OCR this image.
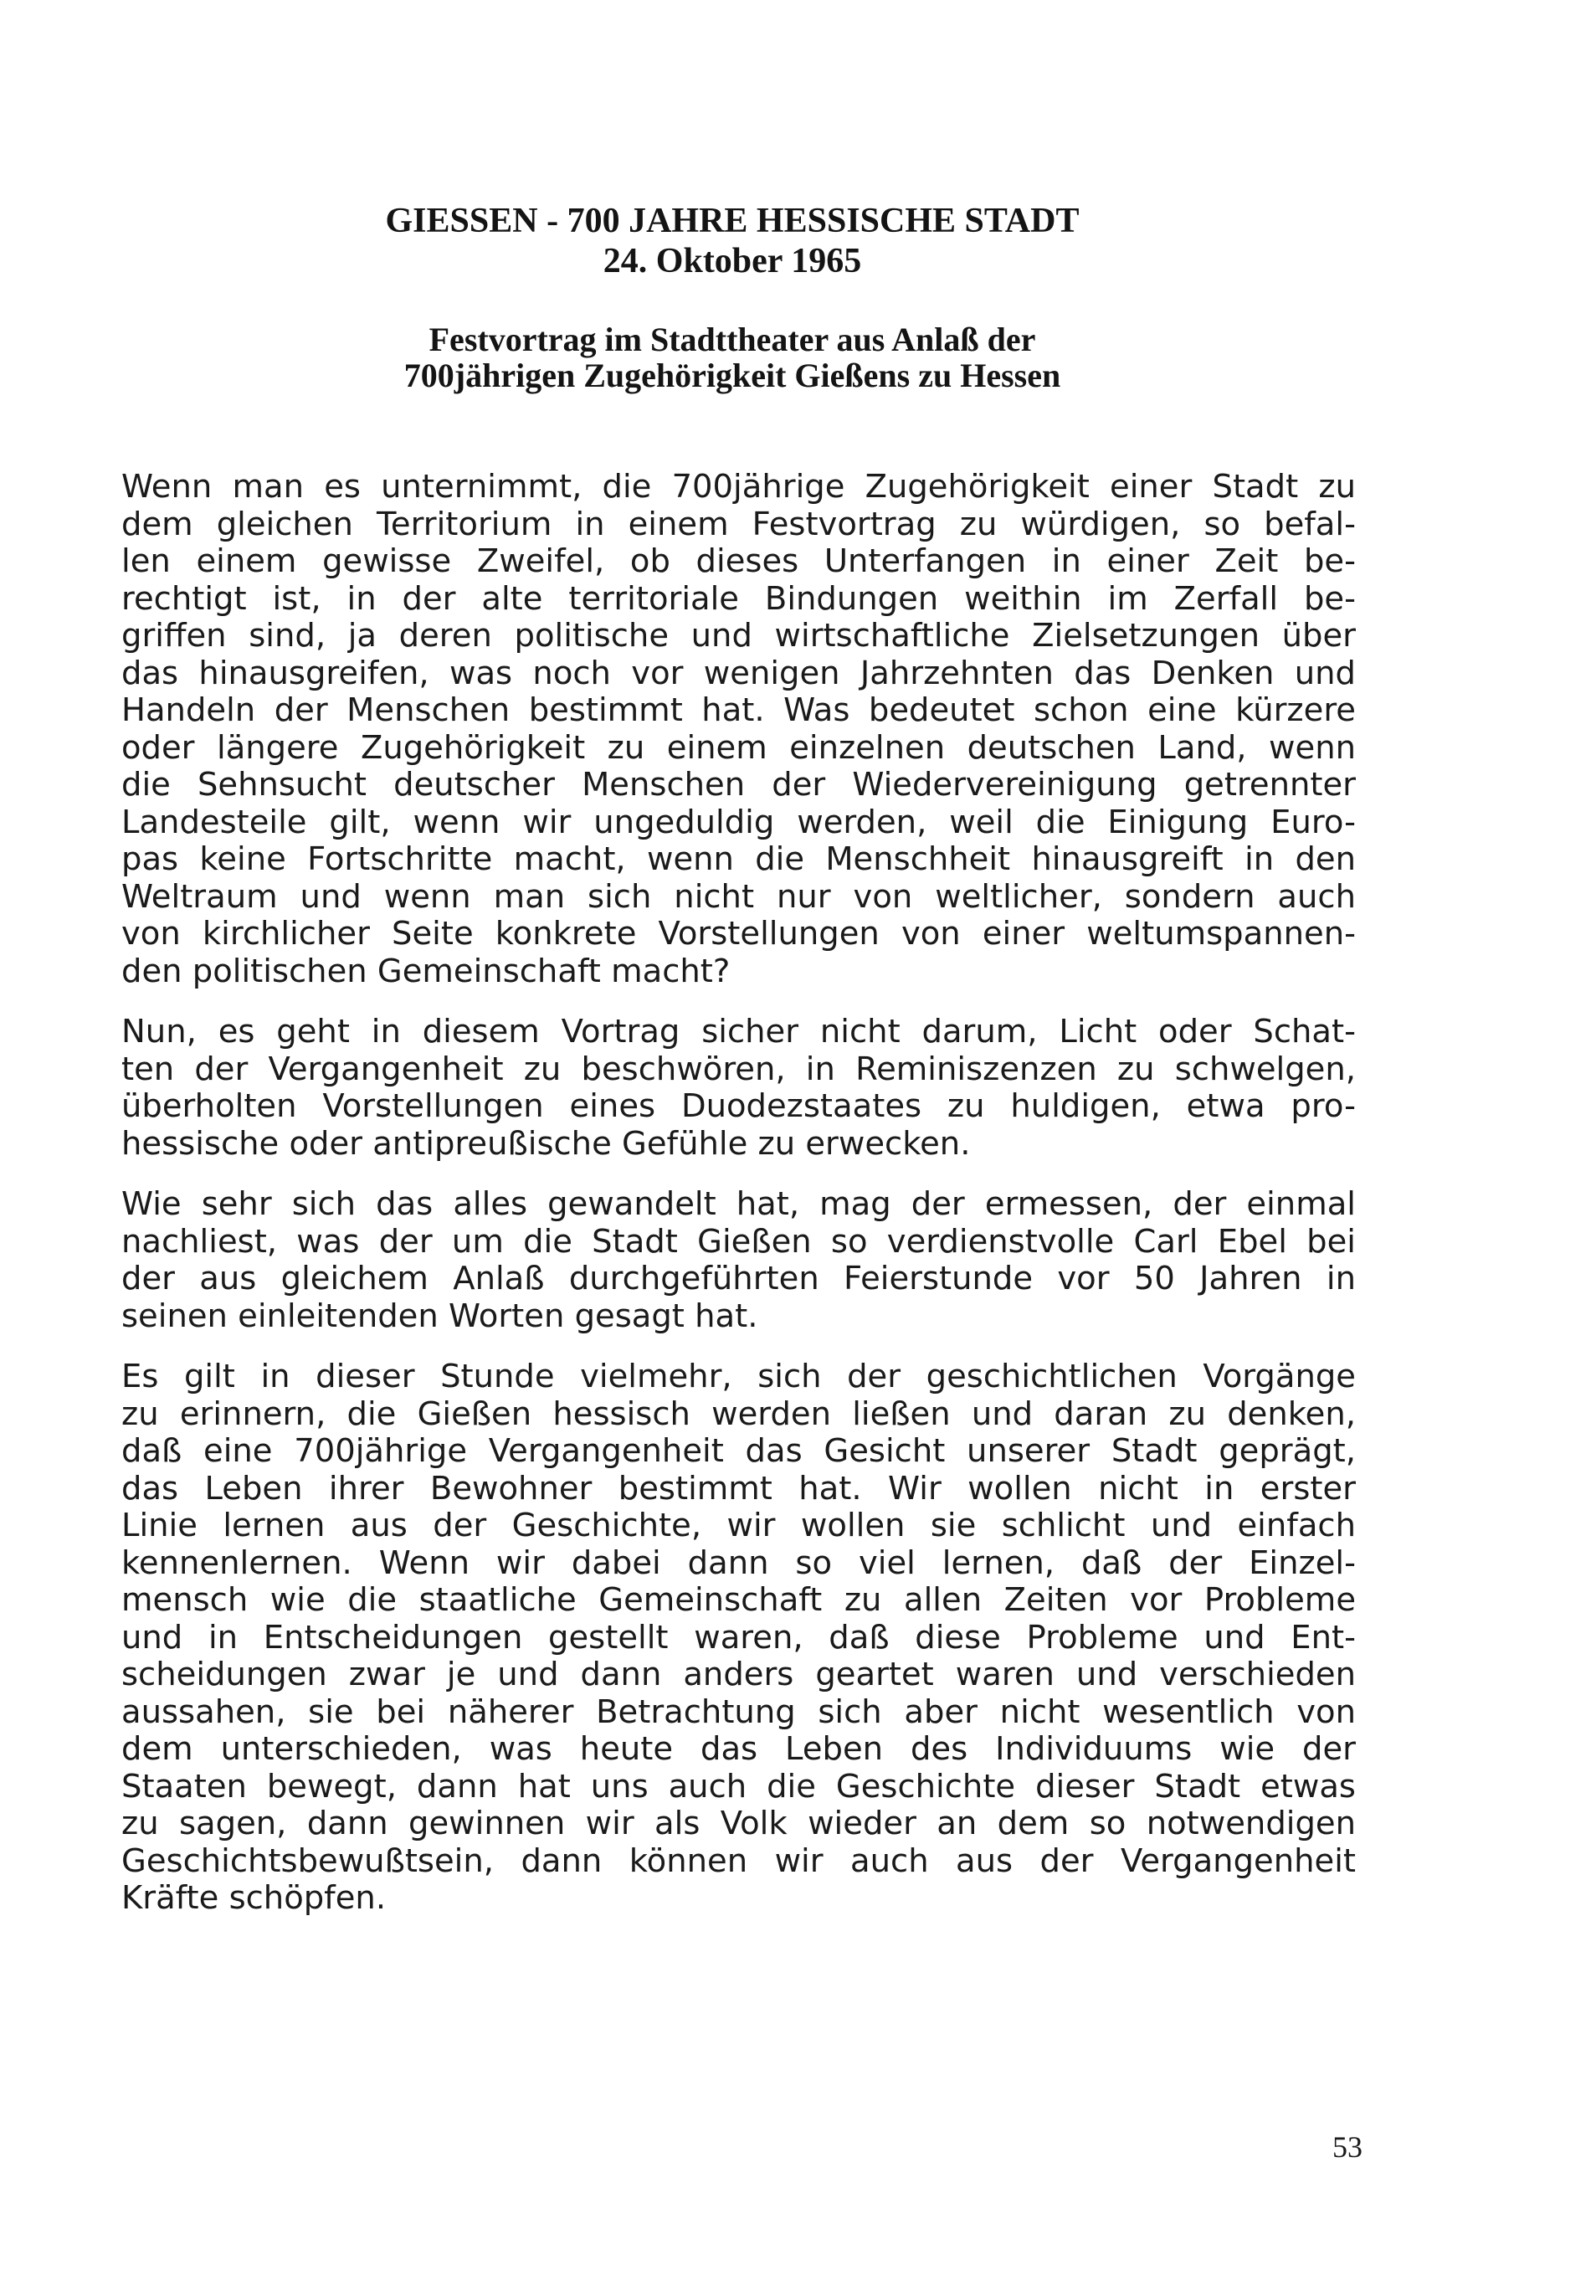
GIESSEN - 700 JAHRE HESSISCHE STADT
24. Oktober 1965
Festvortrag im Stadttheater aus Anlaß der
700jährigen Zugehörigkeit Gießens zu Hessen

Wenn man es unternimmt, die 700jährige Zugehörigkeit einer Stadt zu
dem gleichen Territorium in einem Festvortrag zu würdigen, so befal-
len einem gewisse Zweifel, ob dieses Unterfangen in einer Zeit be-
rechtigt ist, in der alte territoriale Bindungen weithin im Zerfall be-
griffen sind, ja deren politische und wirtschaftliche Zielsetzungen über
das hinausgreifen, was noch vor wenigen Jahrzehnten das Denken und
Handeln der Menschen bestimmt hat. Was bedeutet schon eine kürzere
oder längere Zugehörigkeit zu einem einzelnen deutschen Land, wenn
die Sehnsucht deutscher Menschen der Wiedervereinigung getrennter
Landesteile gilt, wenn wir ungeduldig werden, weil die Einigung Euro-
pas keine Fortschritte macht, wenn die Menschheit hinausgreift in den
Weltraum und wenn man sich nicht nur von weltlicher, sondern auch
von kirchlicher Seite konkrete Vorstellungen von einer weltumspannen-
den politischen Gemeinschaft macht?

Nun, es geht in diesem Vortrag sicher nicht darum, Licht oder Schat-
ten der Vergangenheit zu beschwören, in Reminiszenzen zu schwelgen,
überholten Vorstellungen eines Duodezstaates zu huldigen, etwa pro-
hessische oder antipreußische Gefühle zu erwecken.

Wie sehr sich das alles gewandelt hat, mag der ermessen, der einmal
nachliest, was der um die Stadt Gießen so verdienstvolle Carl Ebel bei
der aus gleichem Anlaß durchgeführten Feierstunde vor 50 Jahren in
seinen einleitenden Worten gesagt hat.

Es gilt in dieser Stunde vielmehr, sich der geschichtlichen Vorgänge
zu erinnern, die Gießen hessisch werden ließen und daran zu denken,
daß eine 700jährige Vergangenheit das Gesicht unserer Stadt geprägt,
das Leben ihrer Bewohner bestimmt hat. Wir wollen nicht in erster
Linie lernen aus der Geschichte, wir wollen sie schlicht und einfach
kennenlernen. Wenn wir dabei dann so viel lernen, daß der Einzel-
mensch wie die staatliche Gemeinschaft zu allen Zeiten vor Probleme
und in Entscheidungen gestellt waren, daß diese Probleme und Ent-
scheidungen zwar je und dann anders geartet waren und verschieden
aussahen, sie bei näherer Betrachtung sich aber nicht wesentlich von
dem unterschieden, was heute das Leben des Individuums wie der
Staaten bewegt, dann hat uns auch die Geschichte dieser Stadt etwas
zu sagen, dann gewinnen wir als Volk wieder an dem so notwendigen
Geschichtsbewußtsein, dann können wir auch aus der Vergangenheit
Kräfte schöpfen.

53
